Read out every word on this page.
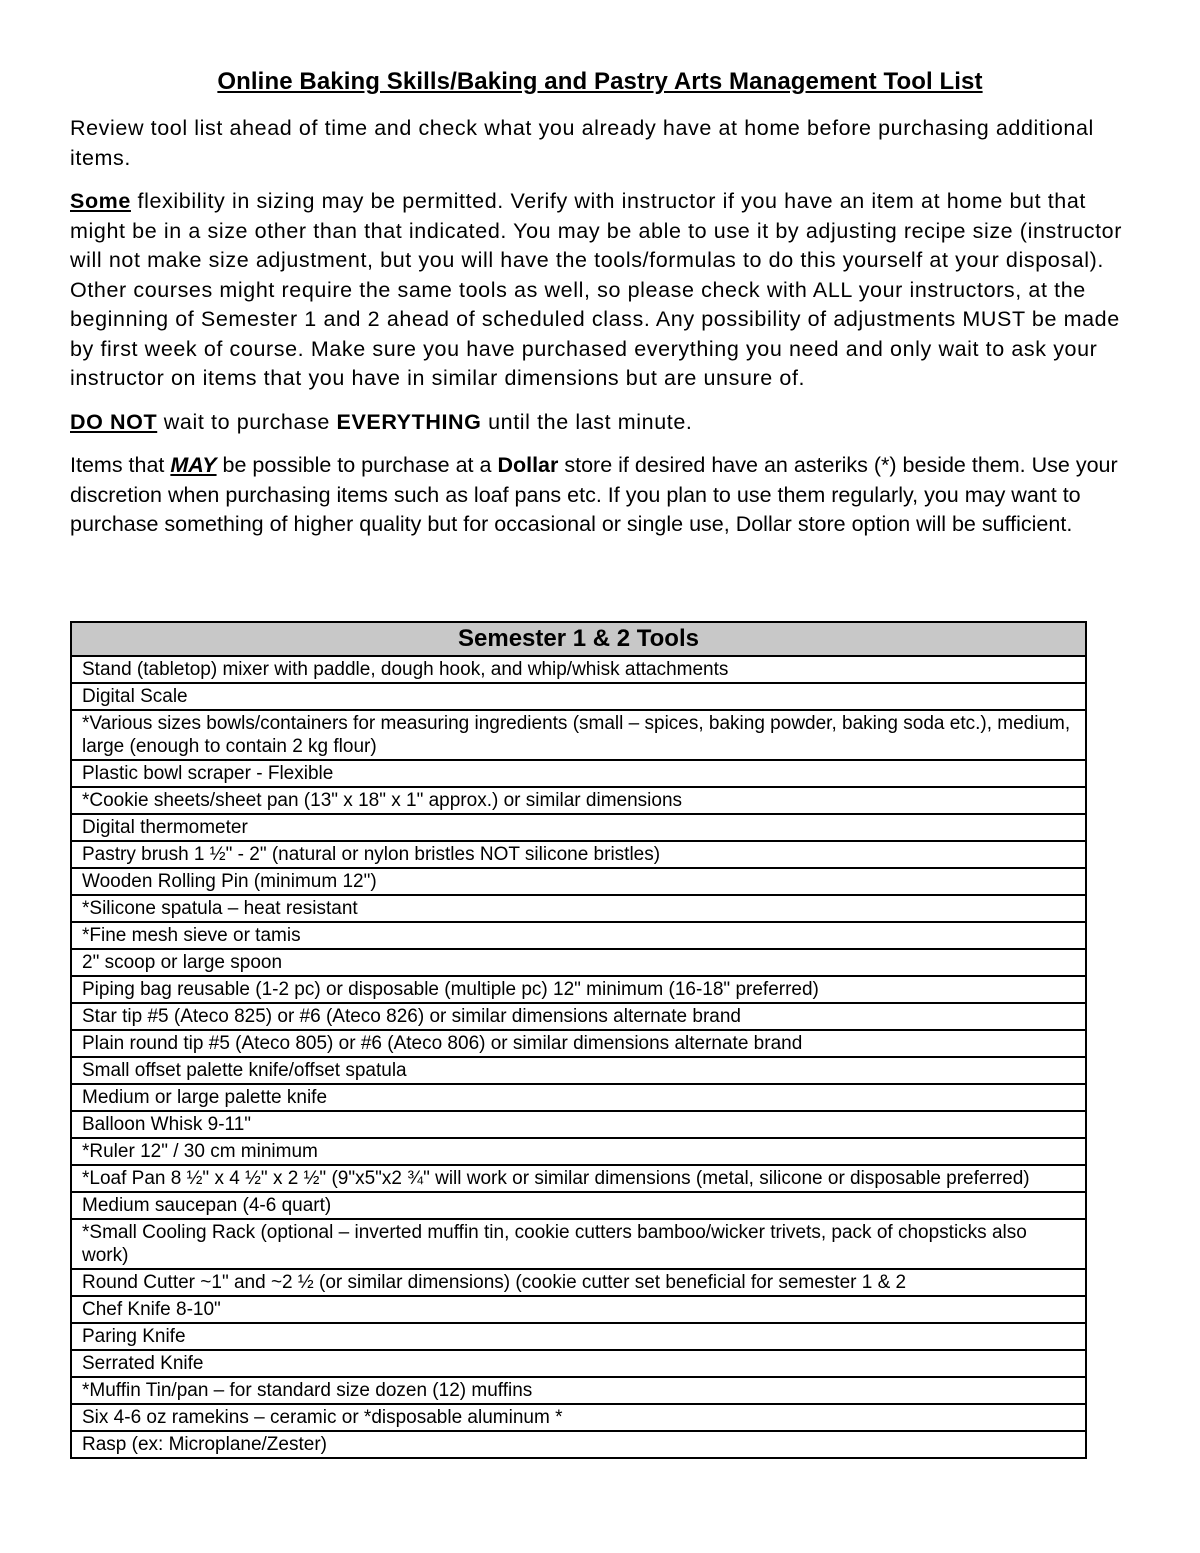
Online Baking Skills/Baking and Pastry Arts Management Tool List

Review tool list ahead of time and check what you already have at home before purchasing additional items.

Some flexibility in sizing may be permitted. Verify with instructor if you have an item at home but that might be in a size other than that indicated. You may be able to use it by adjusting recipe size (instructor will not make size adjustment, but you will have the tools/formulas to do this yourself at your disposal). Other courses might require the same tools as well, so please check with ALL your instructors, at the beginning of Semester 1 and 2 ahead of scheduled class. Any possibility of adjustments MUST be made by first week of course. Make sure you have purchased everything you need and only wait to ask your instructor on items that you have in similar dimensions but are unsure of.

DO NOT wait to purchase EVERYTHING until the last minute.

Items that MAY be possible to purchase at a Dollar store if desired have an asteriks (*) beside them. Use your discretion when purchasing items such as loaf pans etc. If you plan to use them regularly, you may want to purchase something of higher quality but for occasional or single use, Dollar store option will be sufficient.

Semester 1 & 2 Tools
Stand (tabletop) mixer with paddle, dough hook, and whip/whisk attachments
Digital Scale
*Various sizes bowls/containers for measuring ingredients (small – spices, baking powder, baking soda etc.), medium, large (enough to contain 2 kg flour)
Plastic bowl scraper - Flexible
*Cookie sheets/sheet pan (13" x 18" x 1" approx.) or similar dimensions
Digital thermometer
Pastry brush 1 ½" - 2" (natural or nylon bristles NOT silicone bristles)
Wooden Rolling Pin (minimum 12")
*Silicone spatula – heat resistant
*Fine mesh sieve or tamis
2" scoop or large spoon
Piping bag reusable (1-2 pc) or disposable (multiple pc) 12" minimum (16-18" preferred)
Star tip #5 (Ateco 825) or #6 (Ateco 826) or similar dimensions alternate brand
Plain round tip #5 (Ateco 805) or #6 (Ateco 806) or similar dimensions alternate brand
Small offset palette knife/offset spatula
Medium or large palette knife
Balloon Whisk 9-11"
*Ruler 12" / 30 cm minimum
*Loaf Pan 8 ½" x 4 ½" x 2 ½" (9"x5"x2 ¾" will work or similar dimensions (metal, silicone or disposable preferred)
Medium saucepan (4-6 quart)
*Small Cooling Rack (optional – inverted muffin tin, cookie cutters bamboo/wicker trivets, pack of chopsticks also work)
Round Cutter ~1" and ~2 ½ (or similar dimensions) (cookie cutter set beneficial for semester 1 & 2
Chef Knife 8-10"
Paring Knife
Serrated Knife
*Muffin Tin/pan – for standard size dozen (12) muffins
Six 4-6 oz ramekins – ceramic or *disposable aluminum *
Rasp (ex: Microplane/Zester)
